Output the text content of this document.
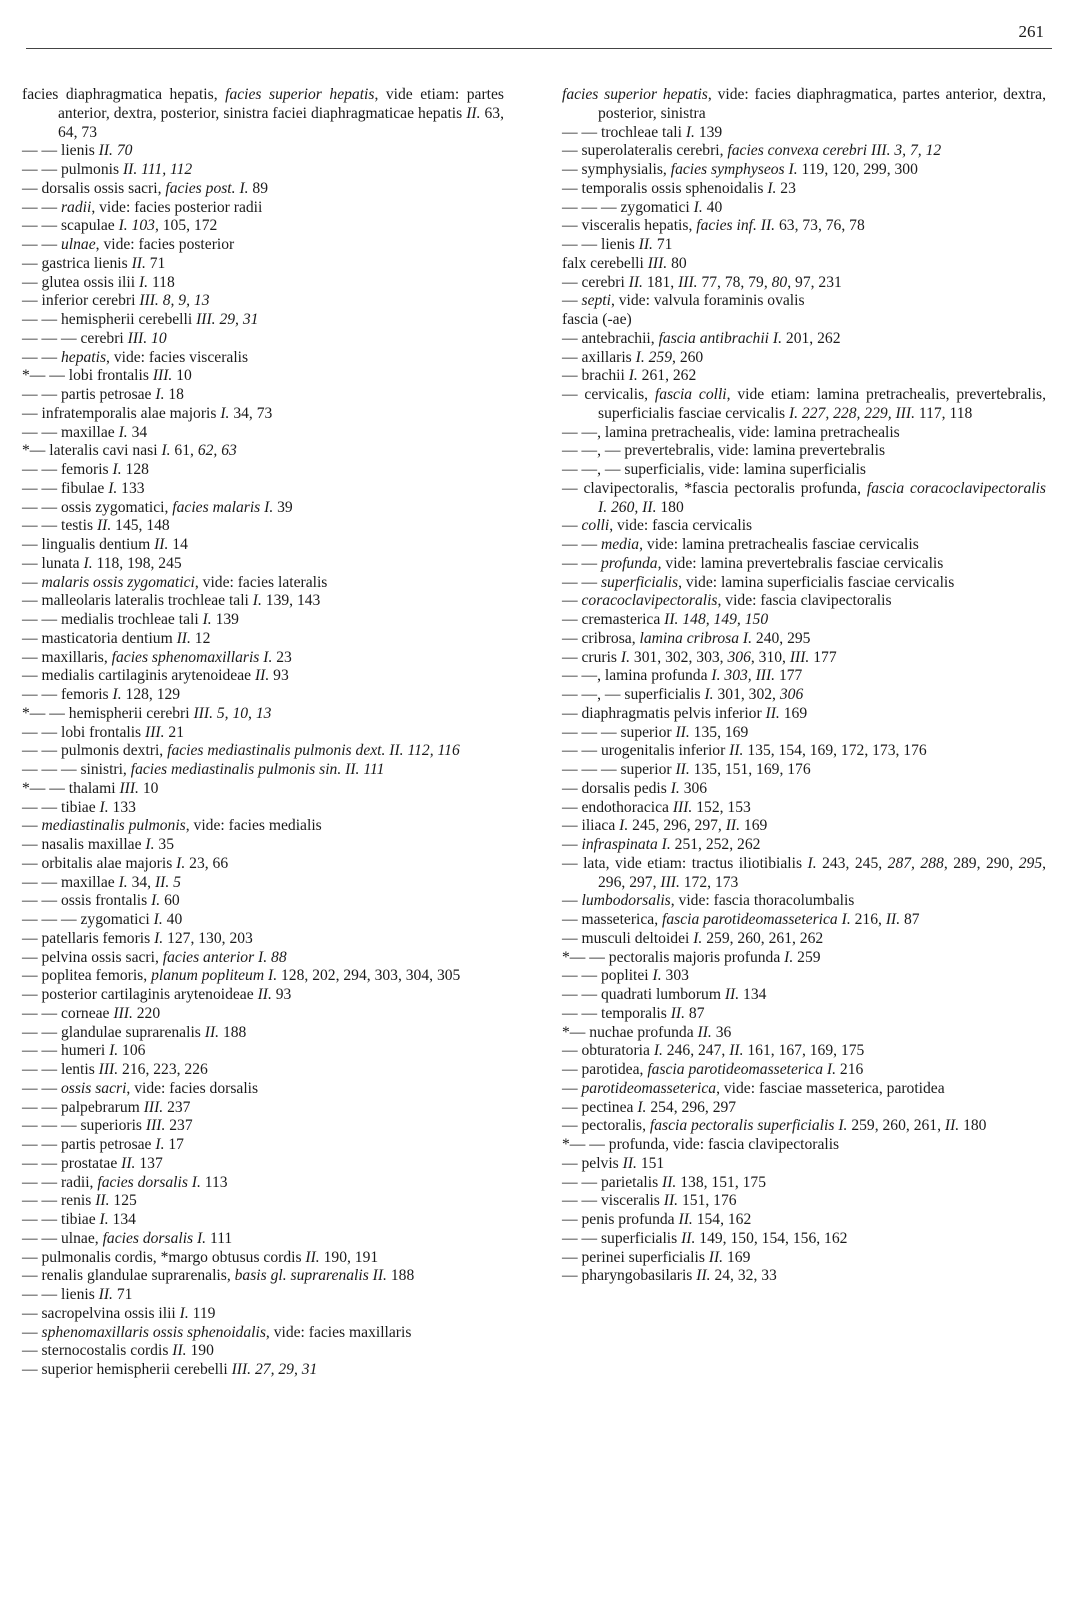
261

facies diaphragmatica hepatis, facies superior hepatis, vide etiam: partes anterior, dextra, posterior, sinistra faciei diaphragmaticae hepatis II. 63, 64, 73

— — lienis II. 70

— — pulmonis II. 111, 112

— dorsalis ossis sacri, facies post. I. 89

— — radii, vide: facies posterior radii

— — scapulae I. 103, 105, 172

— — ulnae, vide: facies posterior

— gastrica lienis II. 71

— glutea ossis ilii I. 118

— inferior cerebri III. 8, 9, 13

— — hemispherii cerebelli III. 29, 31

— — — cerebri III. 10

— — hepatis, vide: facies visceralis

*— — lobi frontalis III. 10

— — partis petrosae I. 18

— infratemporalis alae majoris I. 34, 73

— — maxillae I. 34

*— lateralis cavi nasi I. 61, 62, 63

— — femoris I. 128

— — fibulae I. 133

— — ossis zygomatici, facies malaris I. 39

— — testis II. 145, 148

— lingualis dentium II. 14

— lunata I. 118, 198, 245

— malaris ossis zygomatici, vide: facies lateralis

— malleolaris lateralis trochleae tali I. 139, 143

— — medialis trochleae tali I. 139

— masticatoria dentium II. 12

— maxillaris, facies sphenomaxillaris I. 23

— medialis cartilaginis arytenoideae II. 93

— — femoris I. 128, 129

*— — hemispherii cerebri III. 5, 10, 13

— — lobi frontalis III. 21

— — pulmonis dextri, facies mediastinalis pulmonis dext. II. 112, 116

— — — sinistri, facies mediastinalis pulmonis sin. II. 111

*— — thalami III. 10

— — tibiae I. 133

— mediastinalis pulmonis, vide: facies medialis

— nasalis maxillae I. 35

— orbitalis alae majoris I. 23, 66

— — maxillae I. 34, II. 5

— — ossis frontalis I. 60

— — — zygomatici I. 40

— patellaris femoris I. 127, 130, 203

— pelvina ossis sacri, facies anterior I. 88

— poplitea femoris, planum popliteum I. 128, 202, 294, 303, 304, 305

— posterior cartilaginis arytenoideae II. 93

— — corneae III. 220

— — glandulae suprarenalis II. 188

— — humeri I. 106

— — lentis III. 216, 223, 226

— — ossis sacri, vide: facies dorsalis

— — palpebrarum III. 237

— — — superioris III. 237

— — partis petrosae I. 17

— — prostatae II. 137

— — radii, facies dorsalis I. 113

— — renis II. 125

— — tibiae I. 134

— — ulnae, facies dorsalis I. 111

— pulmonalis cordis, *margo obtusus cordis II. 190, 191

— renalis glandulae suprarenalis, basis gl. suprarenalis II. 188

— — lienis II. 71

— sacropelvina ossis ilii I. 119

— sphenomaxillaris ossis sphenoidalis, vide: facies maxillaris

— sternocostalis cordis II. 190

— superior hemispherii cerebelli III. 27, 29, 31

facies superior hepatis, vide: facies diaphragmatica, partes anterior, dextra, posterior, sinistra

— — trochleae tali I. 139

— superolateralis cerebri, facies convexa cerebri III. 3, 7, 12

— symphysialis, facies symphyseos I. 119, 120, 299, 300

— temporalis ossis sphenoidalis I. 23

— — — zygomatici I. 40

— visceralis hepatis, facies inf. II. 63, 73, 76, 78

— — lienis II. 71

falx cerebelli III. 80

— cerebri II. 181, III. 77, 78, 79, 80, 97, 231

— septi, vide: valvula foraminis ovalis

fascia (-ae)

— antebrachii, fascia antibrachii I. 201, 262

— axillaris I. 259, 260

— brachii I. 261, 262

— cervicalis, fascia colli, vide etiam: lamina pretrachealis, prevertebralis, superficialis fasciae cervicalis I. 227, 228, 229, III. 117, 118

— —, lamina pretrachealis, vide: lamina pretrachealis

— —, — prevertebralis, vide: lamina prevertebralis

— —, — superficialis, vide: lamina superficialis

— clavipectoralis, *fascia pectoralis profunda, fascia coracoclavipectoralis I. 260, II. 180

— colli, vide: fascia cervicalis

— — media, vide: lamina pretrachealis fasciae cervicalis

— — profunda, vide: lamina prevertebralis fasciae cervicalis

— — superficialis, vide: lamina superficialis fasciae cervicalis

— coracoclavipectoralis, vide: fascia clavipectoralis

— cremasterica II. 148, 149, 150

— cribrosa, lamina cribrosa I. 240, 295

— cruris I. 301, 302, 303, 306, 310, III. 177

— —, lamina profunda I. 303, III. 177

— —, — superficialis I. 301, 302, 306

— diaphragmatis pelvis inferior II. 169

— — — superior II. 135, 169

— — urogenitalis inferior II. 135, 154, 169, 172, 173, 176

— — — superior II. 135, 151, 169, 176

— dorsalis pedis I. 306

— endothoracica III. 152, 153

— iliaca I. 245, 296, 297, II. 169

— infraspinata I. 251, 252, 262

— lata, vide etiam: tractus iliotibialis I. 243, 245, 287, 288, 289, 290, 295, 296, 297, III. 172, 173

— lumbodorsalis, vide: fascia thoracolumbalis

— masseterica, fascia parotideomasseterica I. 216, II. 87

— musculi deltoidei I. 259, 260, 261, 262

*— — pectoralis majoris profunda I. 259

— — poplitei I. 303

— — quadrati lumborum II. 134

— — temporalis II. 87

*— nuchae profunda II. 36

— obturatoria I. 246, 247, II. 161, 167, 169, 175

— parotidea, fascia parotideomasseterica I. 216

— parotideomasseterica, vide: fasciae masseterica, parotidea

— pectinea I. 254, 296, 297

— pectoralis, fascia pectoralis superficialis I. 259, 260, 261, II. 180

*— — profunda, vide: fascia clavipectoralis

— pelvis II. 151

— — parietalis II. 138, 151, 175

— — visceralis II. 151, 176

— penis profunda II. 154, 162

— — superficialis II. 149, 150, 154, 156, 162

— perinei superficialis II. 169

— pharyngobasilaris II. 24, 32, 33
